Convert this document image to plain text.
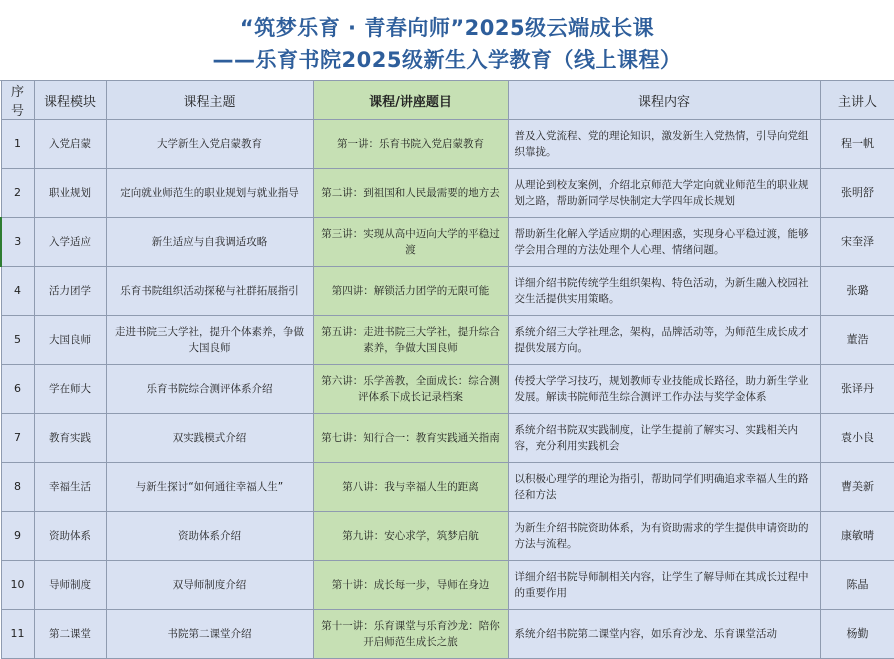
“筑梦乐育 · 青春向师”2025级云端成长课
——乐育书院2025级新生入学教育（线上课程）
序号	课程模块	课程主题	课程/讲座题目	课程内容	主讲人
1	入党启蒙	大学新生入党启蒙教育	第一讲：乐育书院入党启蒙教育	普及入党流程、党的理论知识，激发新生入党热情，引导向党组织靠拢。	程一帆
2	职业规划	定向就业师范生的职业规划与就业指导	第二讲：到祖国和人民最需要的地方去	从理论到校友案例，介绍北京师范大学定向就业师范生的职业规划之路，帮助新同学尽快制定大学四年成长规划	张明舒
3	入学适应	新生适应与自我调适攻略	第三讲：实现从高中迈向大学的平稳过渡	帮助新生化解入学适应期的心理困惑，实现身心平稳过渡，能够学会用合理的方法处理个人心理、情绪问题。	宋奎泽
4	活力团学	乐育书院组织活动探秘与社群拓展指引	第四讲：解锁活力团学的无限可能	详细介绍书院传统学生组织架构、特色活动，为新生融入校园社交生活提供实用策略。	张璐
5	大国良师	走进书院三大学社，提升个体素养，争做大国良师	第五讲：走进书院三大学社，提升综合素养，争做大国良师	系统介绍三大学社理念，架构，品牌活动等，为师范生成长成才提供发展方向。	董浩
6	学在师大	乐育书院综合测评体系介绍	第六讲：乐学善教，全面成长：综合测评体系下成长记录档案	传授大学学习技巧，规划教师专业技能成长路径，助力新生学业发展。解读书院师范生综合测评工作办法与奖学金体系	张译丹
7	教育实践	双实践模式介绍	第七讲：知行合一：教育实践通关指南	系统介绍书院双实践制度，让学生提前了解实习、实践相关内容，充分利用实践机会	袁小良
8	幸福生活	与新生探讨“如何通往幸福人生”	第八讲：我与幸福人生的距离	以积极心理学的理论为指引，帮助同学们明确追求幸福人生的路径和方法	曹美新
9	资助体系	资助体系介绍	第九讲：安心求学，筑梦启航	为新生介绍书院资助体系，为有资助需求的学生提供申请资助的方法与流程。	康敏晴
10	导师制度	双导师制度介绍	第十讲：成长每一步，导师在身边	详细介绍书院导师制相关内容，让学生了解导师在其成长过程中的重要作用	陈晶
11	第二课堂	书院第二课堂介绍	第十一讲：乐育课堂与乐育沙龙：陪你开启师范生成长之旅	系统介绍书院第二课堂内容，如乐育沙龙、乐育课堂活动	杨勤
